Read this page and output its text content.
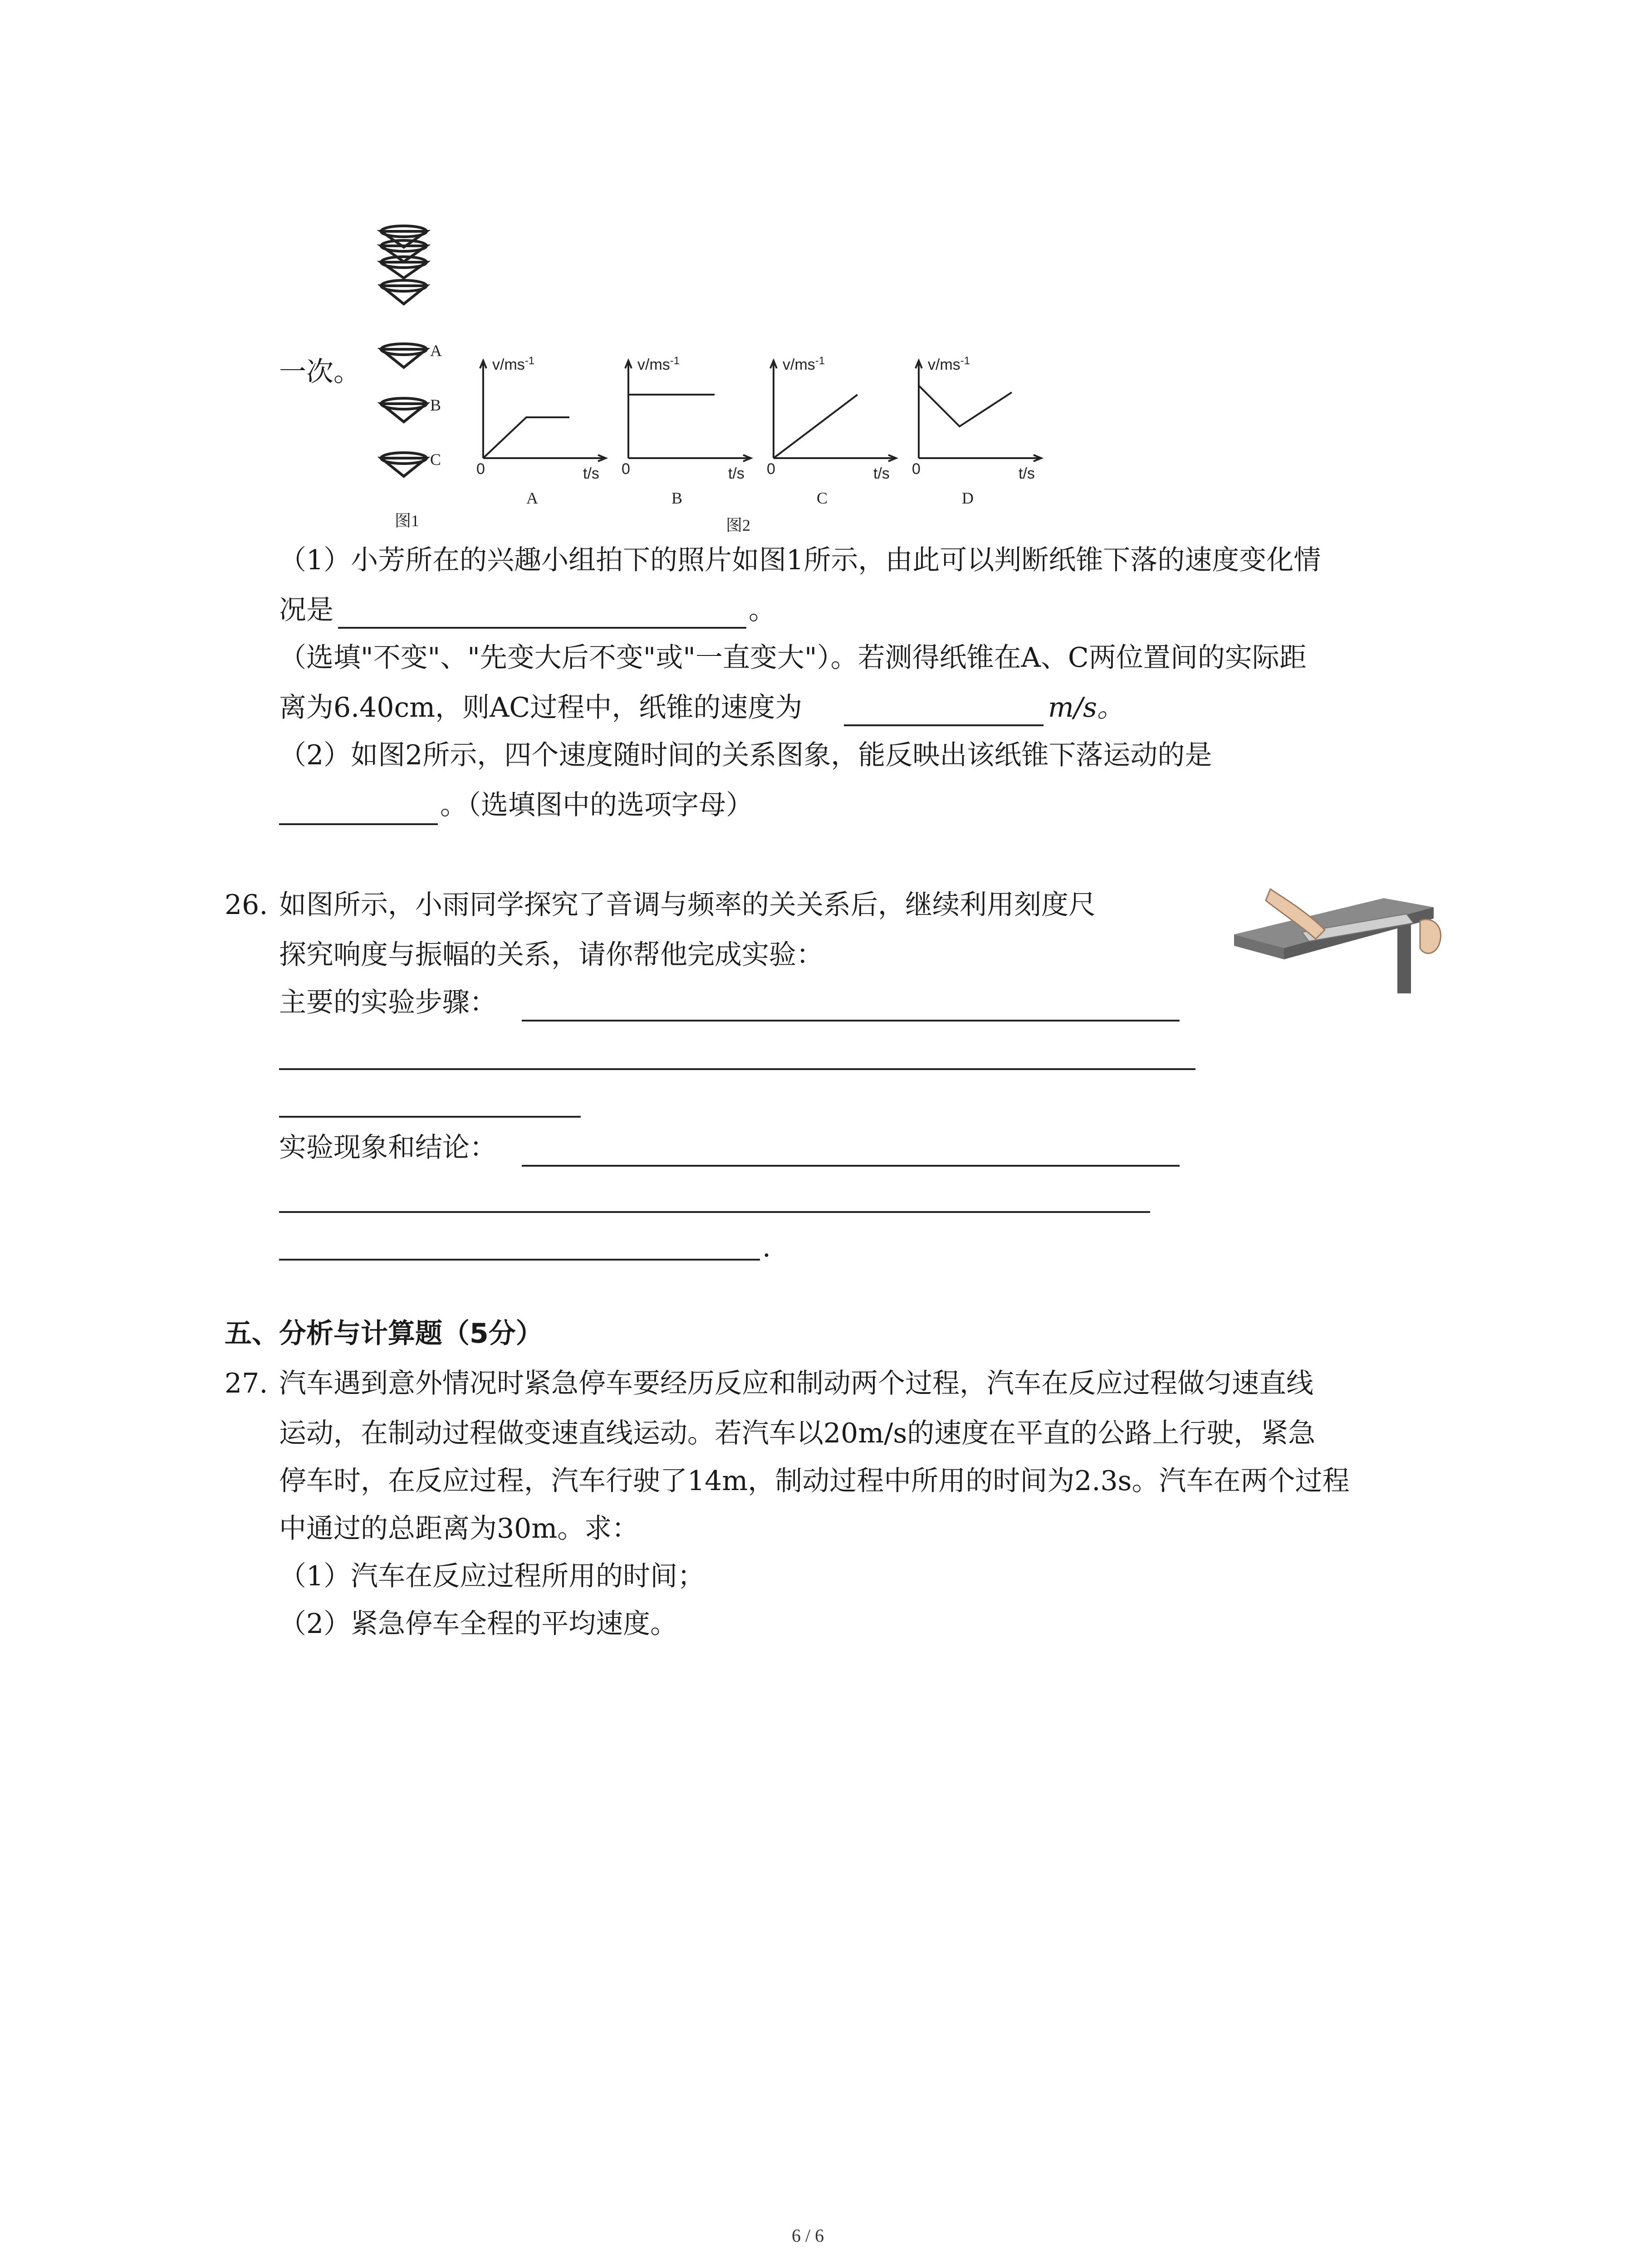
一次。
A
B
C
图1
$v/ms^{-1}$	$v/ms^{-1}$	$v/ms^{-1}$	$v/ms^{-1}$
0	0	0	0
t/s	t/s	t/s	t/s
A	B	C	D
图2
（1）小芳所在的兴趣小组拍下的照片如图1所示，由此可以判断纸锥下落的速度变化情
况是	。
（选填"不变"、"先变大后不变"或"一直变大"）。若测得纸锥在A、C两位置间的实际距
离为6.40cm，则AC过程中，纸锥的速度为	m/s。
（2）如图2所示，四个速度随时间的关系图象，能反映出该纸锥下落运动的是
。（选填图中的选项字母）
26. 如图所示，小雨同学探究了音调与频率的关关系后，继续利用刻度尺
探究响度与振幅的关系，请你帮他完成实验：
主要的实验步骤：
实验现象和结论：
.
五、分析与计算题（5分）
27. 汽车遇到意外情况时紧急停车要经历反应和制动两个过程，汽车在反应过程做匀速直线
运动，在制动过程做变速直线运动。若汽车以20m/s的速度在平直的公路上行驶，紧急
停车时，在反应过程，汽车行驶了14m，制动过程中所用的时间为2.3s。汽车在两个过程
中通过的总距离为30m。求：
（1）汽车在反应过程所用的时间；
（2）紧急停车全程的平均速度。
6 / 6
